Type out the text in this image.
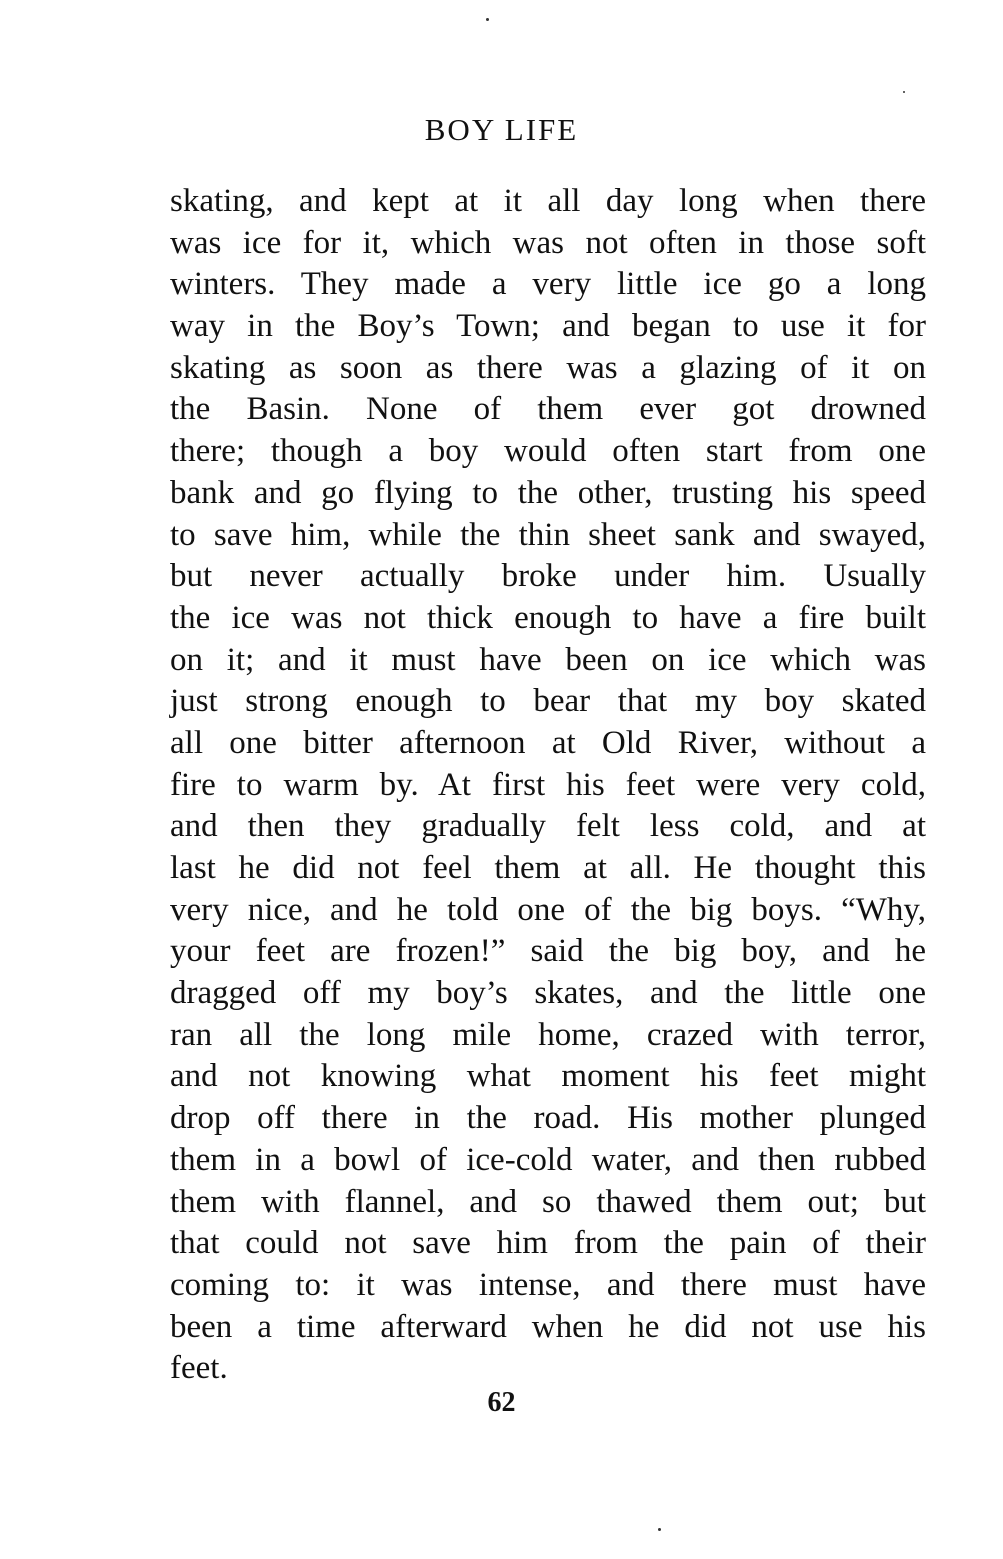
BOY LIFE
skating, and kept at it all day long when there
was ice for it, which was not often in those soft
winters. They made a very little ice go a long
way in the Boy’s Town; and began to use it for
skating as soon as there was a glazing of it on
the Basin. None of them ever got drowned
there; though a boy would often start from one
bank and go flying to the other, trusting his speed
to save him, while the thin sheet sank and swayed,
but never actually broke under him. Usually
the ice was not thick enough to have a fire built
on it; and it must have been on ice which was
just strong enough to bear that my boy skated
all one bitter afternoon at Old River, without a
fire to warm by. At first his feet were very cold,
and then they gradually felt less cold, and at
last he did not feel them at all. He thought this
very nice, and he told one of the big boys. “Why,
your feet are frozen!” said the big boy, and he
dragged off my boy’s skates, and the little one
ran all the long mile home, crazed with terror,
and not knowing what moment his feet might
drop off there in the road. His mother plunged
them in a bowl of ice-cold water, and then rubbed
them with flannel, and so thawed them out; but
that could not save him from the pain of their
coming to: it was intense, and there must have
been a time afterward when he did not use his
feet.
62
